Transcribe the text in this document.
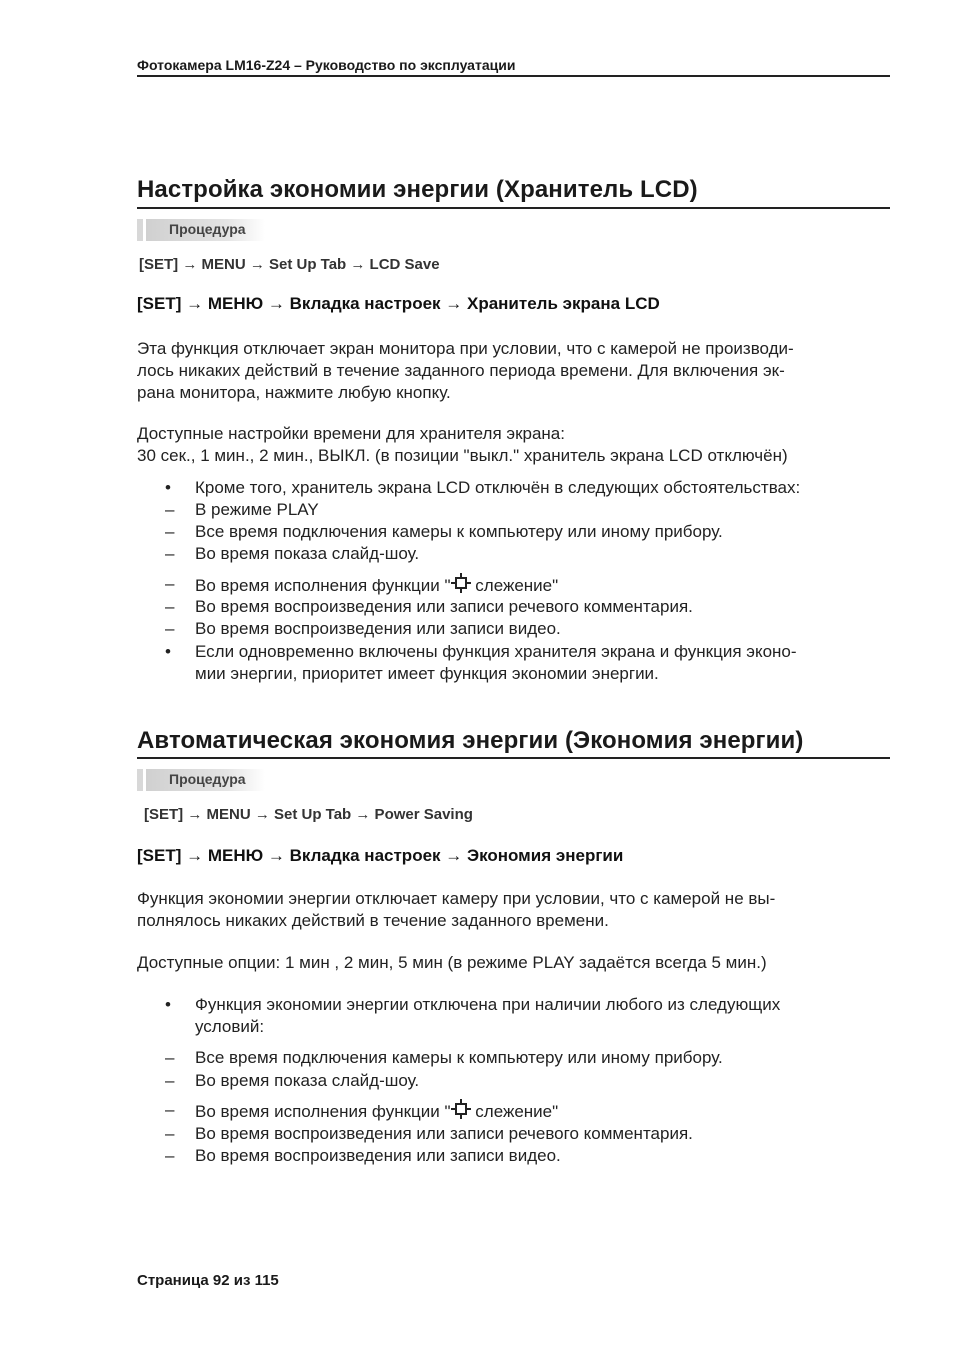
Фотокамера LM16-Z24 – Руководство по эксплуатации
Настройка экономии энергии (Хранитель LCD)
Процедура
[SET] → MENU → Set Up Tab → LCD Save
[SET] → МЕНЮ → Вкладка настроек → Хранитель экрана LCD
Эта функция отключает экран монитора при условии, что с камерой не производи-
лось никаких действий в течение заданного периода времени. Для включения эк-
рана монитора, нажмите любую кнопку.
Доступные настройки времени для хранителя экрана:
30 сек., 1 мин., 2 мин., ВЫКЛ. (в позиции "выкл." хранитель экрана LCD отключён)
•	Кроме того, хранитель экрана LCD отключён в следующих обстоятельствах:
– В режиме PLAY
– Все время подключения камеры к компьютеру или иному прибору.
– Во время показа слайд-шоу.
– Во время исполнения функции " слежение"
– Во время воспроизведения или записи речевого комментария.
– Во время воспроизведения или записи видео.
•	Если одновременно включены функция хранителя экрана и функция эконо-
мии энергии, приоритет имеет функция экономии энергии.
Автоматическая экономия энергии (Экономия энергии)
Процедура
[SET] → MENU → Set Up Tab → Power Saving
[SET] → МЕНЮ → Вкладка настроек → Экономия энергии
Функция экономии энергии отключает камеру при условии, что с камерой не вы-
полнялось никаких действий в течение заданного времени.
Доступные опции: 1 мин , 2 мин, 5 мин (в режиме PLAY задаётся всегда 5 мин.)
•	Функция экономии энергии отключена при наличии любого из следующих
условий:
– Все время подключения камеры к компьютеру или иному прибору.
– Во время показа слайд-шоу.
– Во время исполнения функции " слежение"
– Во время воспроизведения или записи речевого комментария.
– Во время воспроизведения или записи видео.
Страница 92 из 115
